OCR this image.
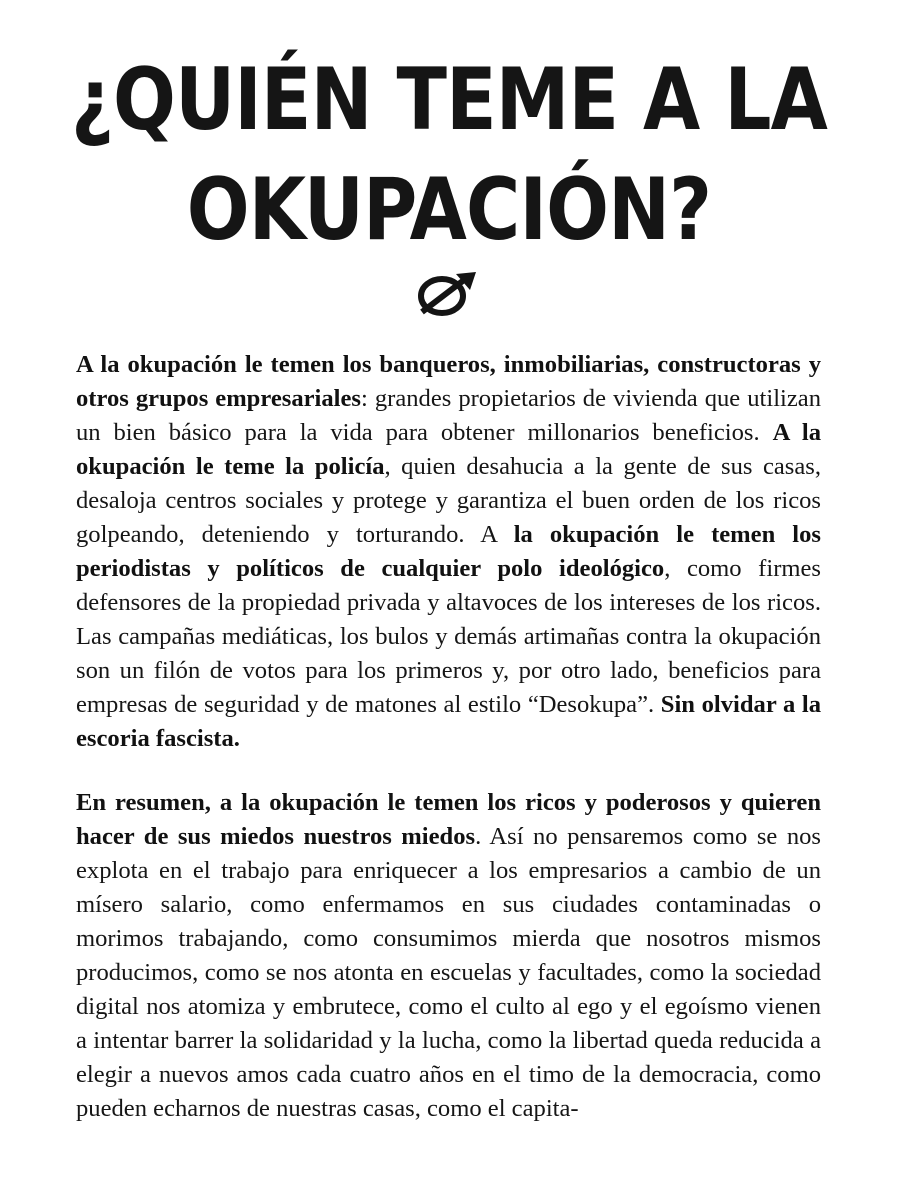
¿QUIÉN TEME A LA
OKUPACIÓN?

A la okupación le temen los banqueros, inmobiliarias, constructoras y otros grupos empresariales: grandes propietarios de vivienda que utilizan un bien básico para la vida para obtener millonarios beneficios. A la okupación le teme la policía, quien desahucia a la gente de sus casas, desaloja centros sociales y protege y garantiza el buen orden de los ricos golpeando, deteniendo y torturando. A la okupación le temen los periodistas y políticos de cualquier polo ideológico, como firmes defensores de la propiedad privada y altavoces de los intereses de los ricos. Las campañas mediáticas, los bulos y demás artimañas contra la okupación son un filón de votos para los primeros y, por otro lado, beneficios para empresas de seguridad y de matones al estilo “Desokupa”. Sin olvidar a la escoria fascista.

En resumen, a la okupación le temen los ricos y poderosos y quieren hacer de sus miedos nuestros miedos. Así no pensaremos como se nos explota en el trabajo para enriquecer a los empresarios a cambio de un mísero salario, como enfermamos en sus ciudades contaminadas o morimos trabajando, como consumimos mierda que nosotros mismos producimos, como se nos atonta en escuelas y facultades, como la sociedad digital nos atomiza y embrutece, como el culto al ego y el egoísmo vienen a intentar barrer la solidaridad y la lucha, como la libertad queda reducida a elegir a nuevos amos cada cuatro años en el timo de la democracia, como pueden echarnos de nuestras casas, como el capita-
